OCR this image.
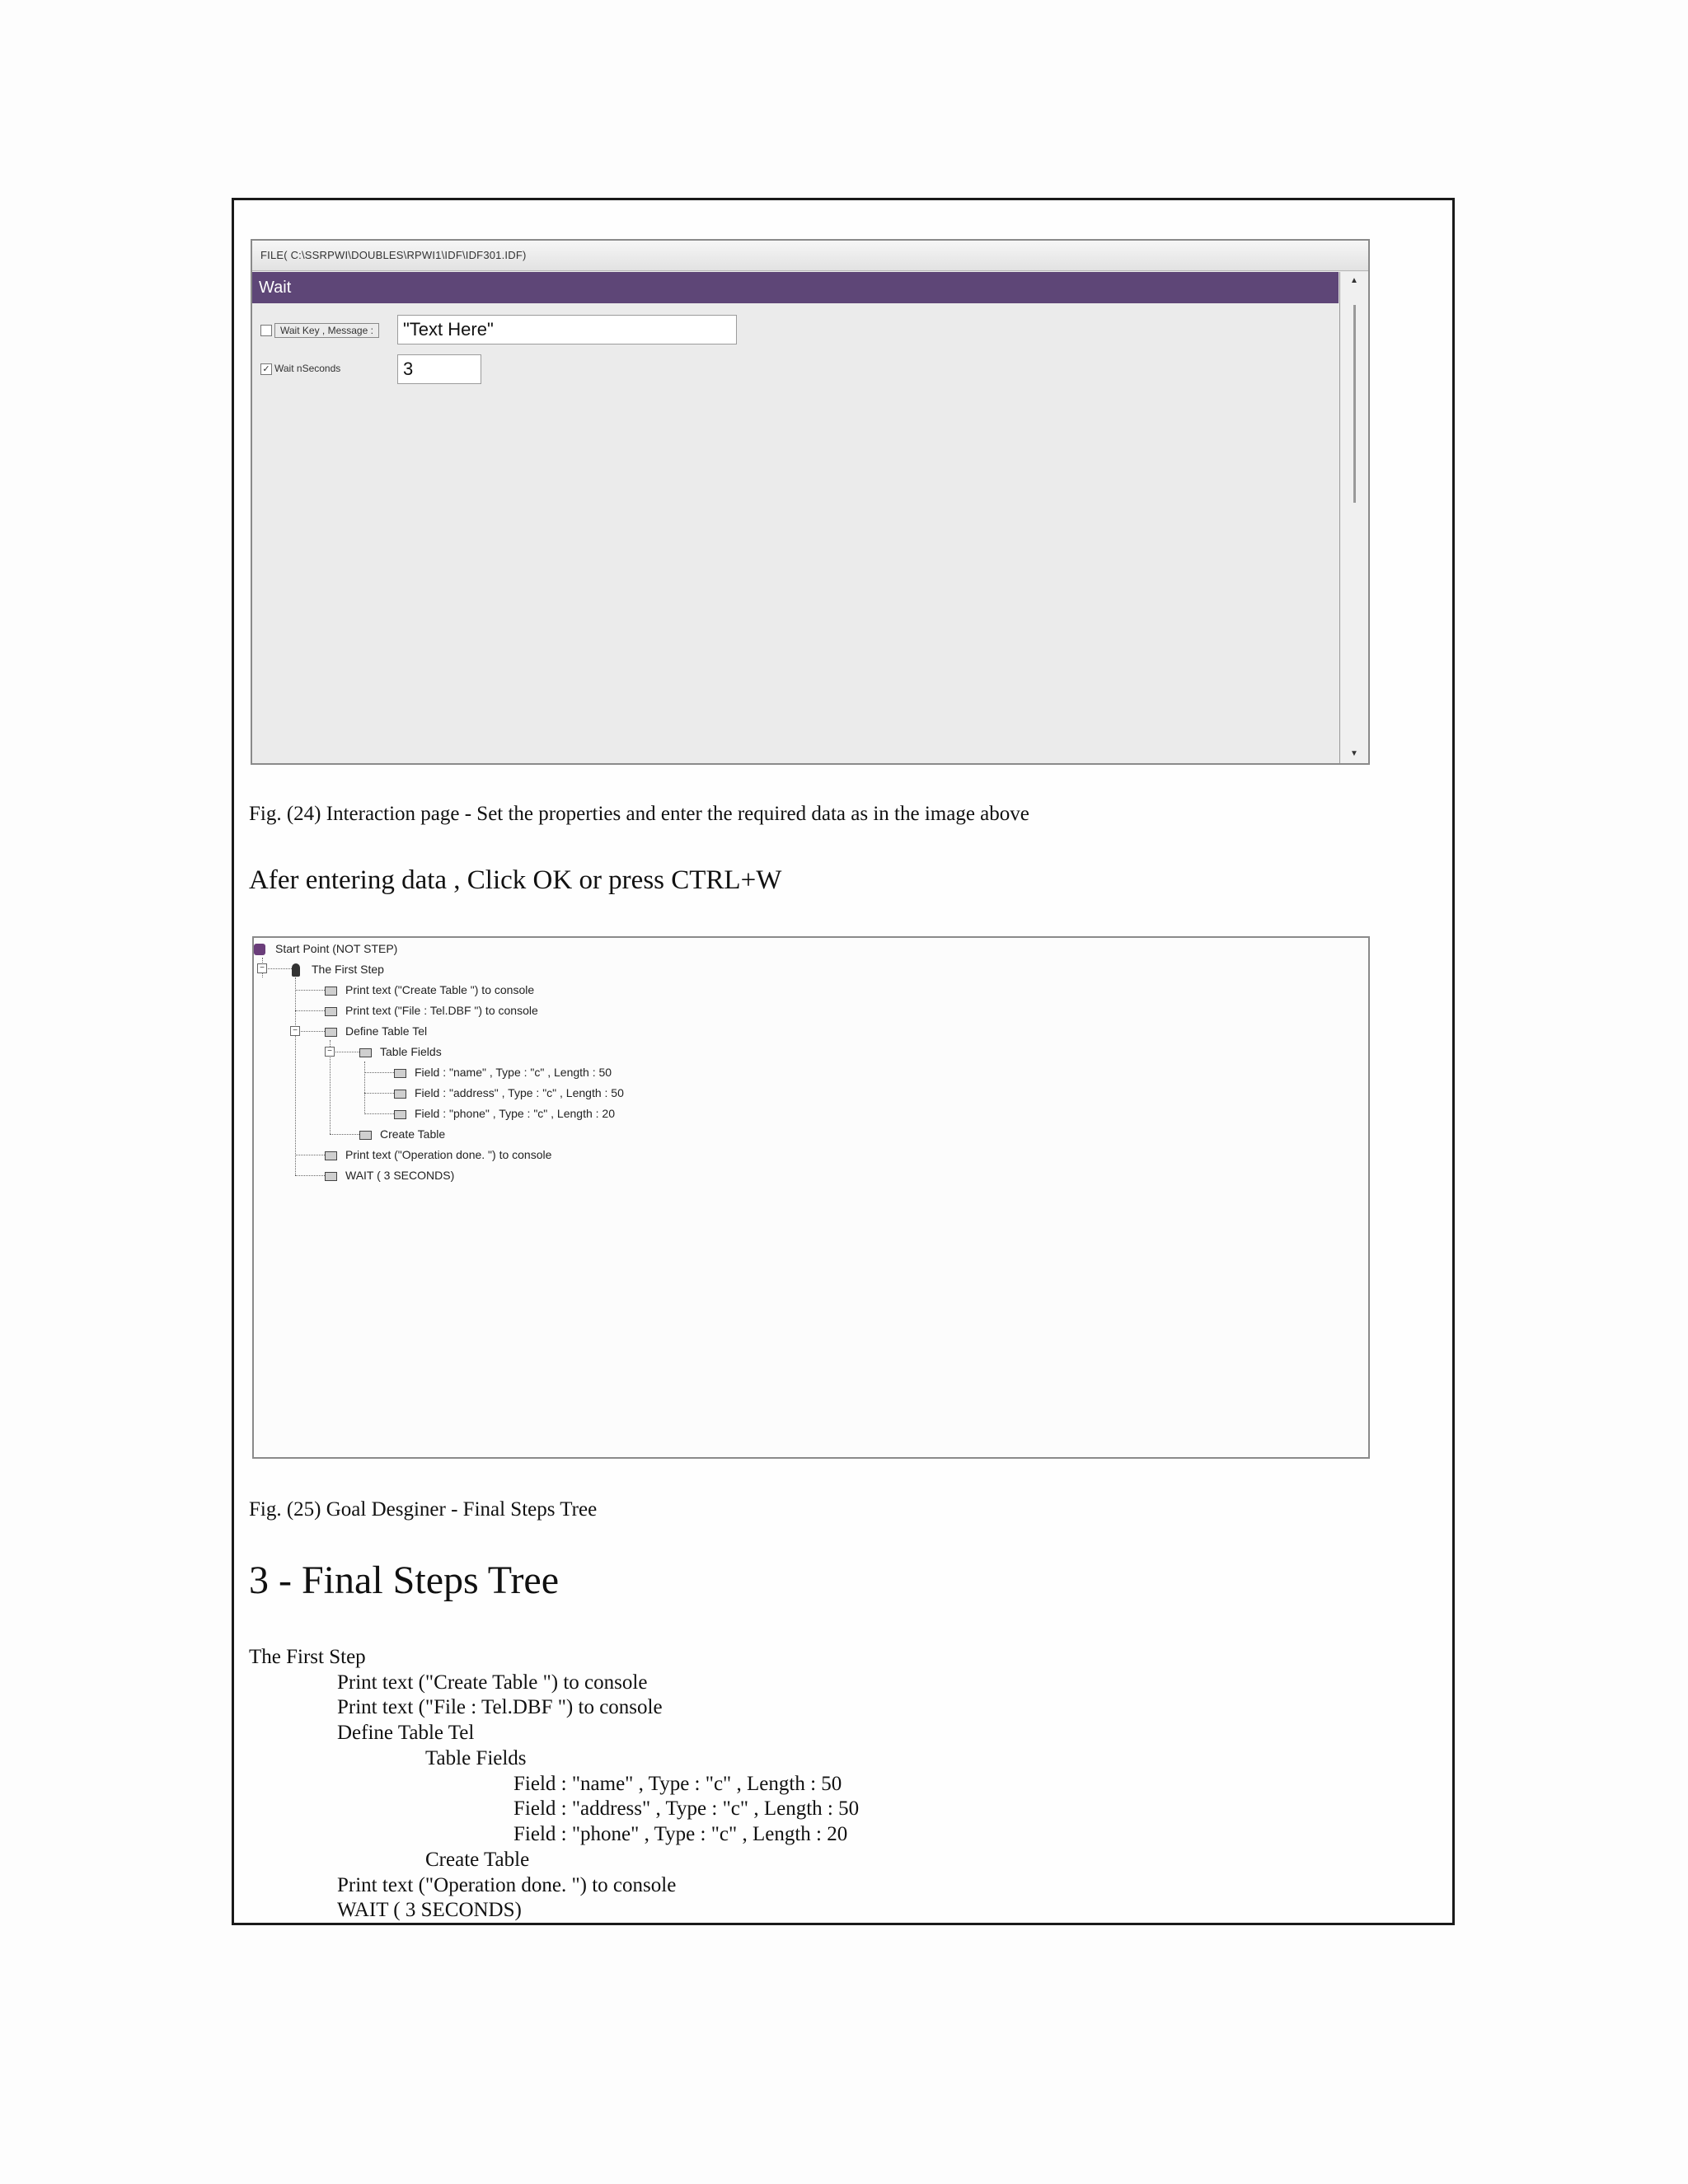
FILE( C:\SSRPWI\DOUBLES\RPWI1\IDF\IDF301.IDF)
Wait	▲
▼
Wait Key , Message :	"Text Here"
✓ Wait nSeconds	3
Fig. (24) Interaction page - Set the properties and enter the required data as in the image above
Afer entering data , Click OK or press CTRL+W
−
−
−
Start Point (NOT STEP)
The First Step
Print text ("Create Table ") to console
Print text ("File : Tel.DBF ") to console
Define Table Tel
Table Fields
Field : "name" , Type : "c" , Length : 50
Field : "address" , Type : "c" , Length : 50
Field : "phone" , Type : "c" , Length : 20
Create Table
Print text ("Operation done. ") to console
WAIT ( 3 SECONDS)
Fig. (25) Goal Desginer - Final Steps Tree
3 - Final Steps Tree
The First Step
Print text ("Create Table ") to console
Print text ("File : Tel.DBF ") to console
Define Table Tel
Table Fields
Field : "name" , Type : "c" , Length : 50
Field : "address" , Type : "c" , Length : 50
Field : "phone" , Type : "c" , Length : 20
Create Table
Print text ("Operation done. ") to console
WAIT ( 3 SECONDS)
